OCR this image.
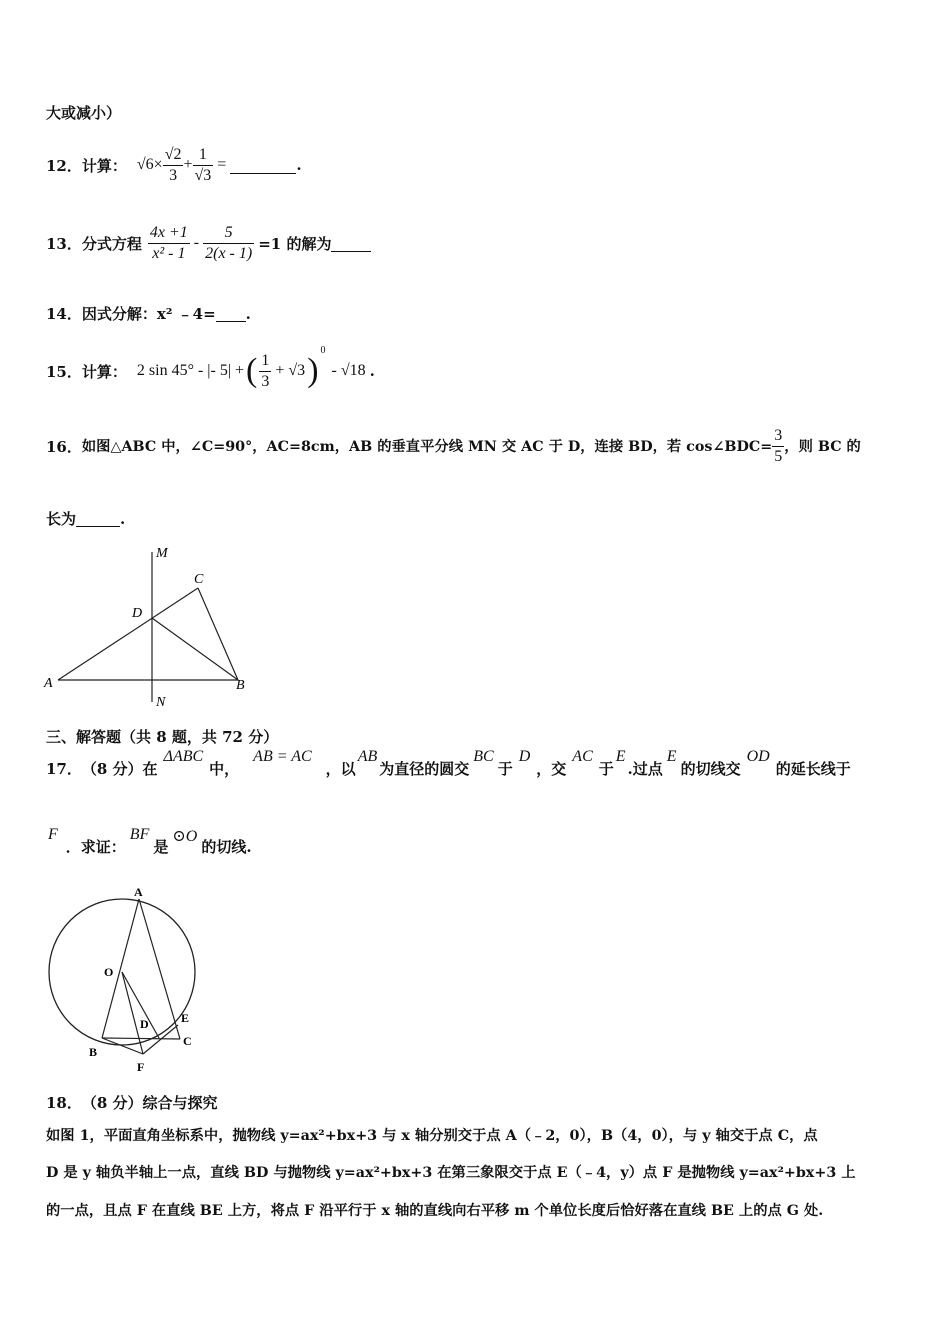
大或减小）
12． 计算： $√6 \times \frac{√2}{3} + \frac{1}{√3}$ =	.
13． 分式方程 $\frac{4x +1}{\text{x² - 1}} - \frac{5}{2(x - 1)} =1$ 的解为
14． 因式分解： x² ﹣4= .
15． 计算： 2 sin 45° - |- 5| + ( $\frac{1}{3} + √3$ )
0
- √18 .
16． 如图△ABC 中，∠C=90°，AC=8cm，AB 的垂直平分线 MN 交 AC 于 D，连接 BD，若 cos∠BDC= $\frac{3}{5}$ ，则 BC 的
长为	.
M
C
D
A	B
N
三、解答题（共 8 题，共 72 分）
17． （8 分）在
ΔABC
中，
AB = AC
，以
AB
为直径的圆交
BC
于
D
，交
AC
于
E
.过点
E
的切线交
OD
的延长线于
F
．求证：
BF
是
⊙O
的切线.
A
O
D	E
B
C
F
18． （8 分）综合与探究
如图 1，平面直角坐标系中，抛物线 y=ax²+bx+3 与 x 轴分别交于点 A（﹣2，0），B（4，0），与 y 轴交于点 C，点
D 是 y 轴负半轴上一点，直线 BD 与抛物线 y=ax²+bx+3 在第三象限交于点 E（﹣4，y）点 F 是抛物线 y=ax²+bx+3 上
的一点，且点 F 在直线 BE 上方，将点 F 沿平行于 x 轴的直线向右平移 m 个单位长度后恰好落在直线 BE 上的点 G 处.
